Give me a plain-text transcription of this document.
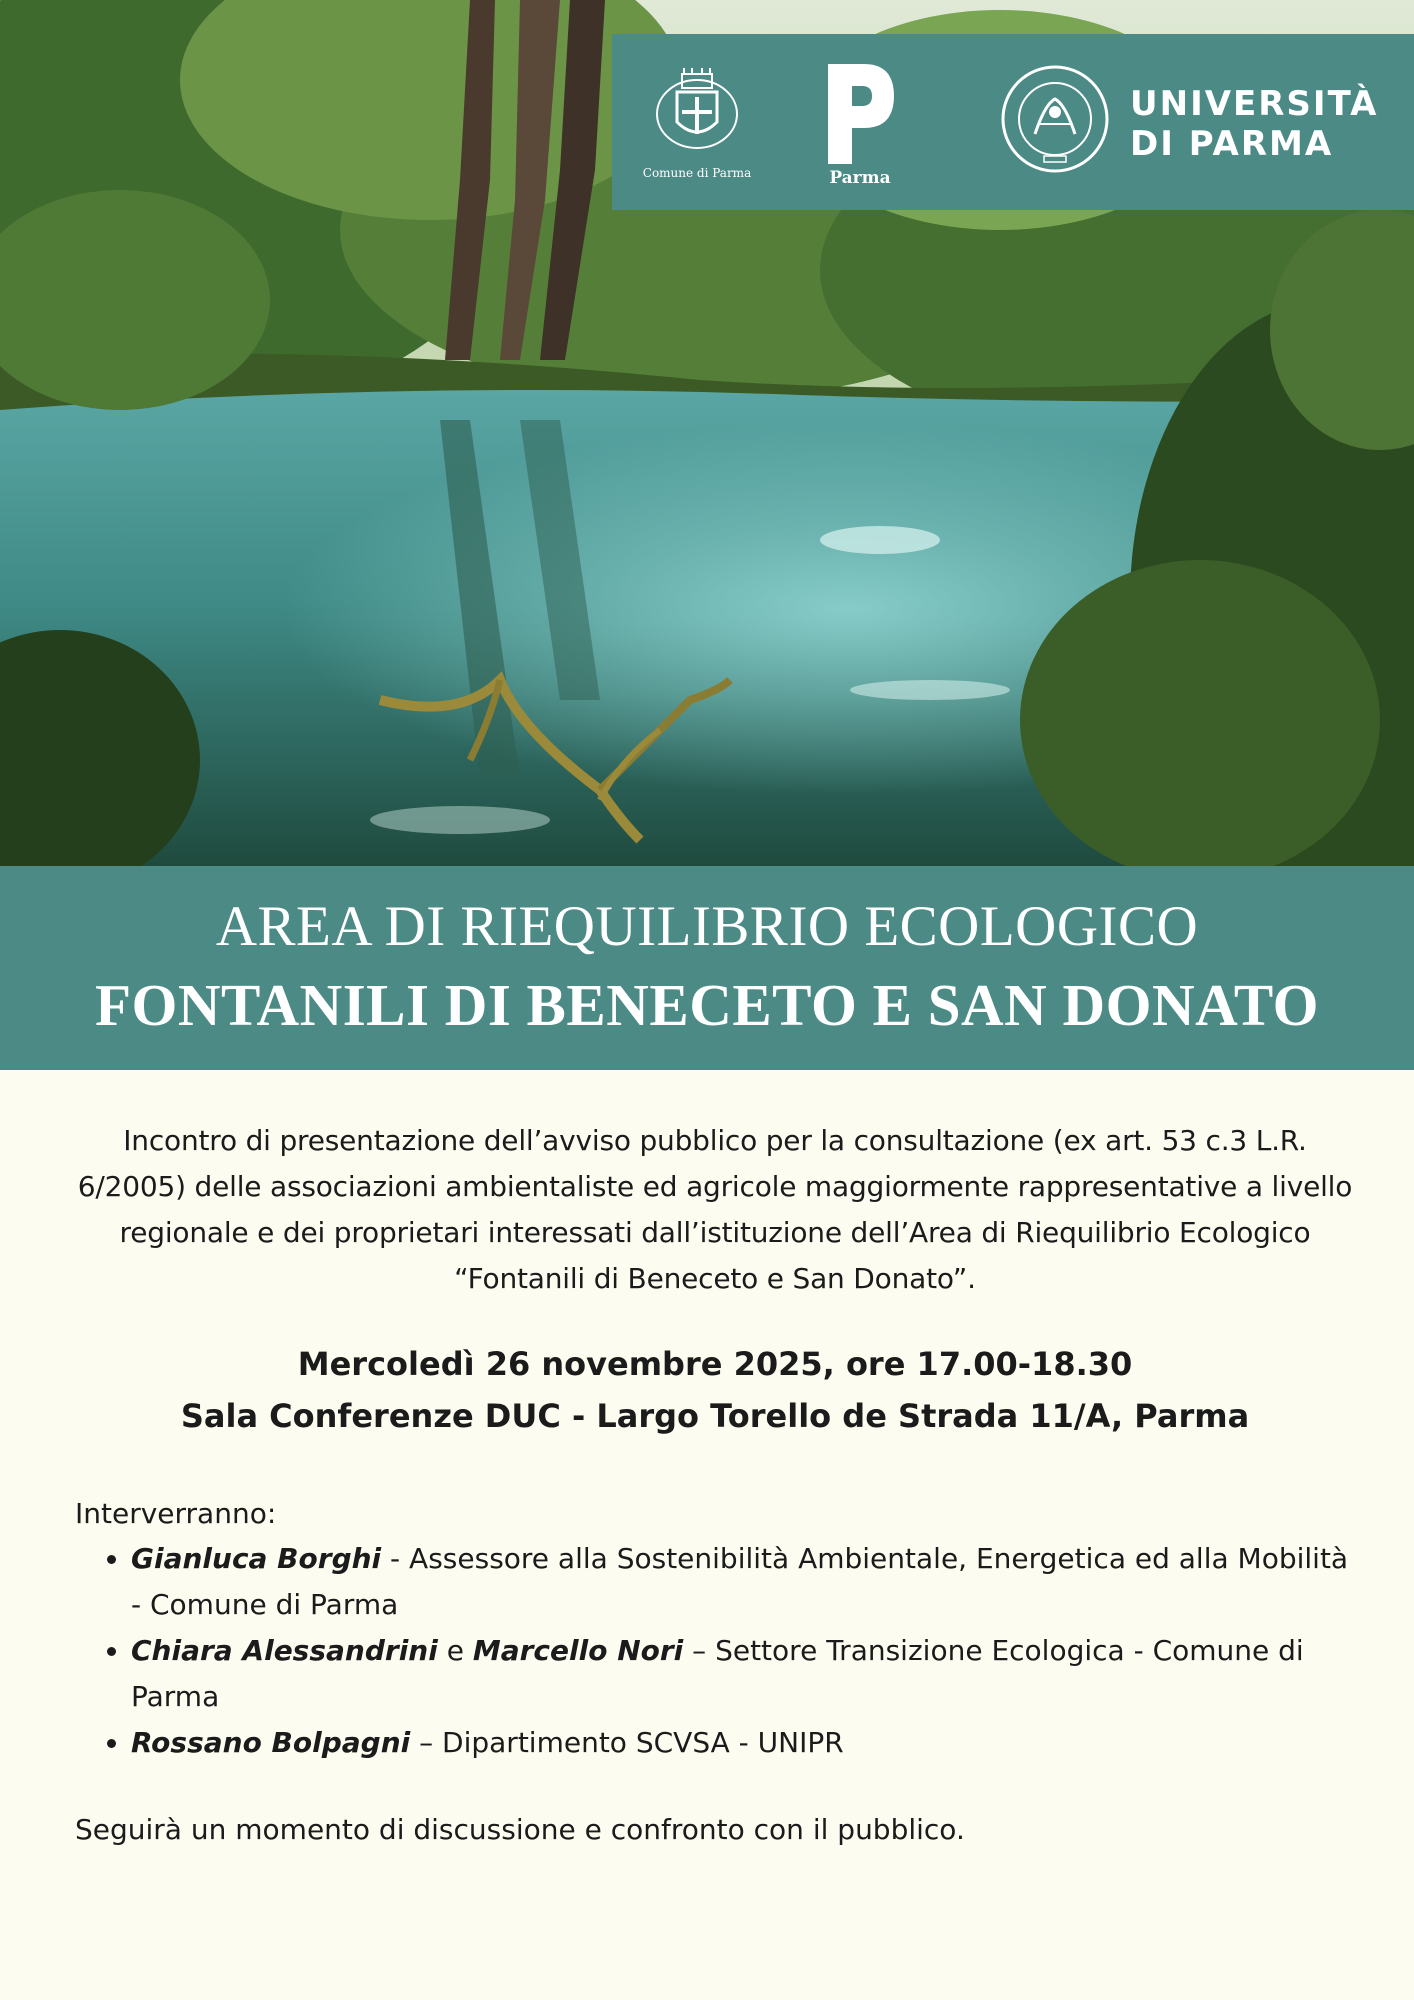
Comune di Parma	Parma
UNIVERSITÀ
DI PARMA
AREA DI RIEQUILIBRIO ECOLOGICO
FONTANILI DI BENECETO E SAN DONATO

Incontro di presentazione dell’avviso pubblico per la consultazione (ex art. 53 c.3 L.R. 6/2005) delle associazioni ambientaliste ed agricole maggiormente rappresentative a livello regionale e dei proprietari interessati dall’istituzione dell’Area di Riequilibrio Ecologico “Fontanili di Beneceto e San Donato”.

Mercoledì 26 novembre 2025, ore 17.00-18.30
Sala Conferenze DUC - Largo Torello de Strada 11/A, Parma
Interverranno:
• Gianluca Borghi - Assessore alla Sostenibilità Ambientale, Energetica ed alla Mobilità - Comune di Parma
• Chiara Alessandrini e Marcello Nori – Settore Transizione Ecologica - Comune di Parma
• Rossano Bolpagni – Dipartimento SCVSA - UNIPR
Seguirà un momento di discussione e confronto con il pubblico.
